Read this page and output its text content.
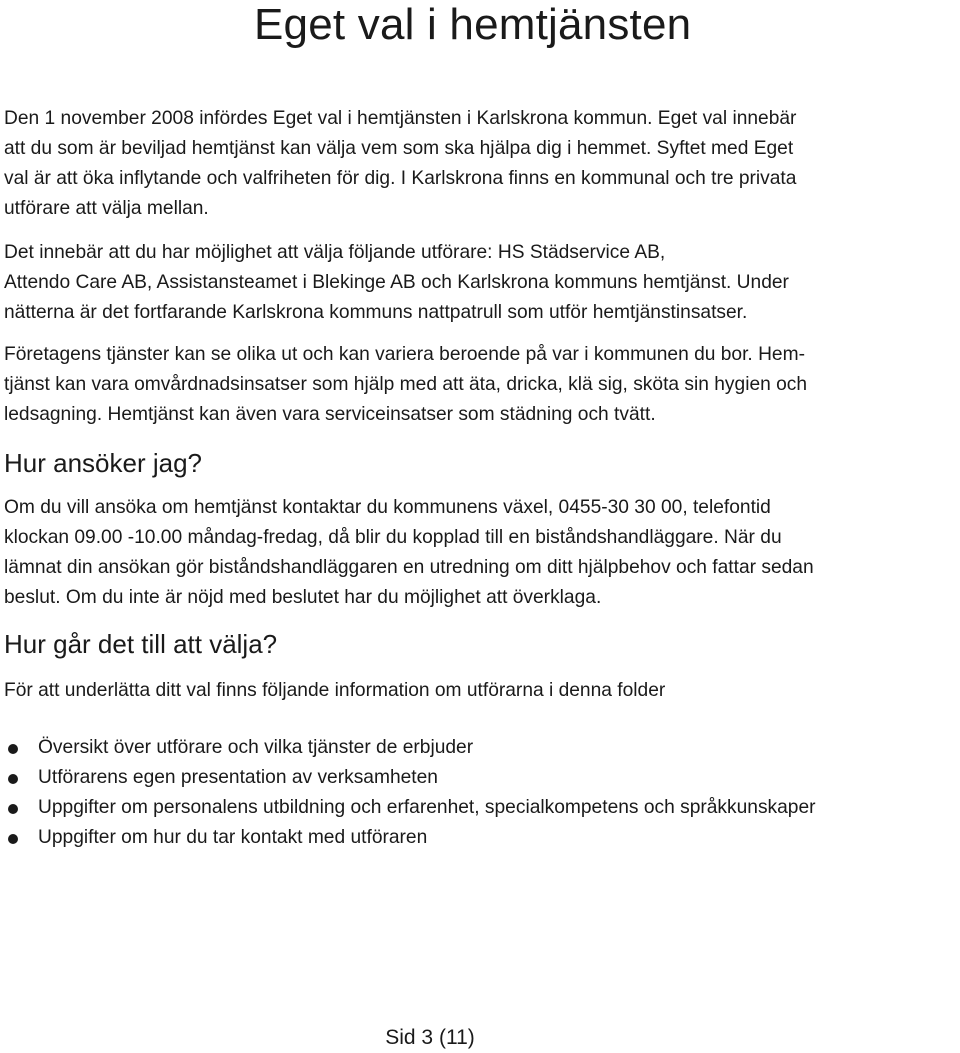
Eget val i hemtjänsten

Den 1 november 2008 infördes Eget val i hemtjänsten i Karlskrona kommun. Eget val innebär
att du som är beviljad hemtjänst kan välja vem som ska hjälpa dig i hemmet. Syftet med Eget
val är att öka inflytande och valfriheten för dig. I Karlskrona finns en kommunal och tre privata
utförare att välja mellan.

Det innebär att du har möjlighet att välja följande utförare: HS Städservice AB,
Attendo Care AB, Assistansteamet i Blekinge AB och Karlskrona kommuns hemtjänst. Under
nätterna är det fortfarande Karlskrona kommuns nattpatrull som utför hemtjänstinsatser.

Företagens tjänster kan se olika ut och kan variera beroende på var i kommunen du bor. Hem-
tjänst kan vara omvårdnadsinsatser som hjälp med att äta, dricka, klä sig, sköta sin hygien och
ledsagning. Hemtjänst kan även vara serviceinsatser som städning och tvätt.

Hur ansöker jag?

Om du vill ansöka om hemtjänst kontaktar du kommunens växel, 0455-30 30 00, telefontid
klockan 09.00 -10.00 måndag-fredag, då blir du kopplad till en biståndshandläggare. När du
lämnat din ansökan gör biståndshandläggaren en utredning om ditt hjälpbehov och fattar sedan
beslut. Om du inte är nöjd med beslutet har du möjlighet att överklaga.

Hur går det till att välja?

För att underlätta ditt val finns följande information om utförarna i denna folder

Översikt över utförare och vilka tjänster de erbjuder
Utförarens egen presentation av verksamheten
Uppgifter om personalens utbildning och erfarenhet, specialkompetens och språkkunskaper
Uppgifter om hur du tar kontakt med utföraren
Sid 3 (11)
